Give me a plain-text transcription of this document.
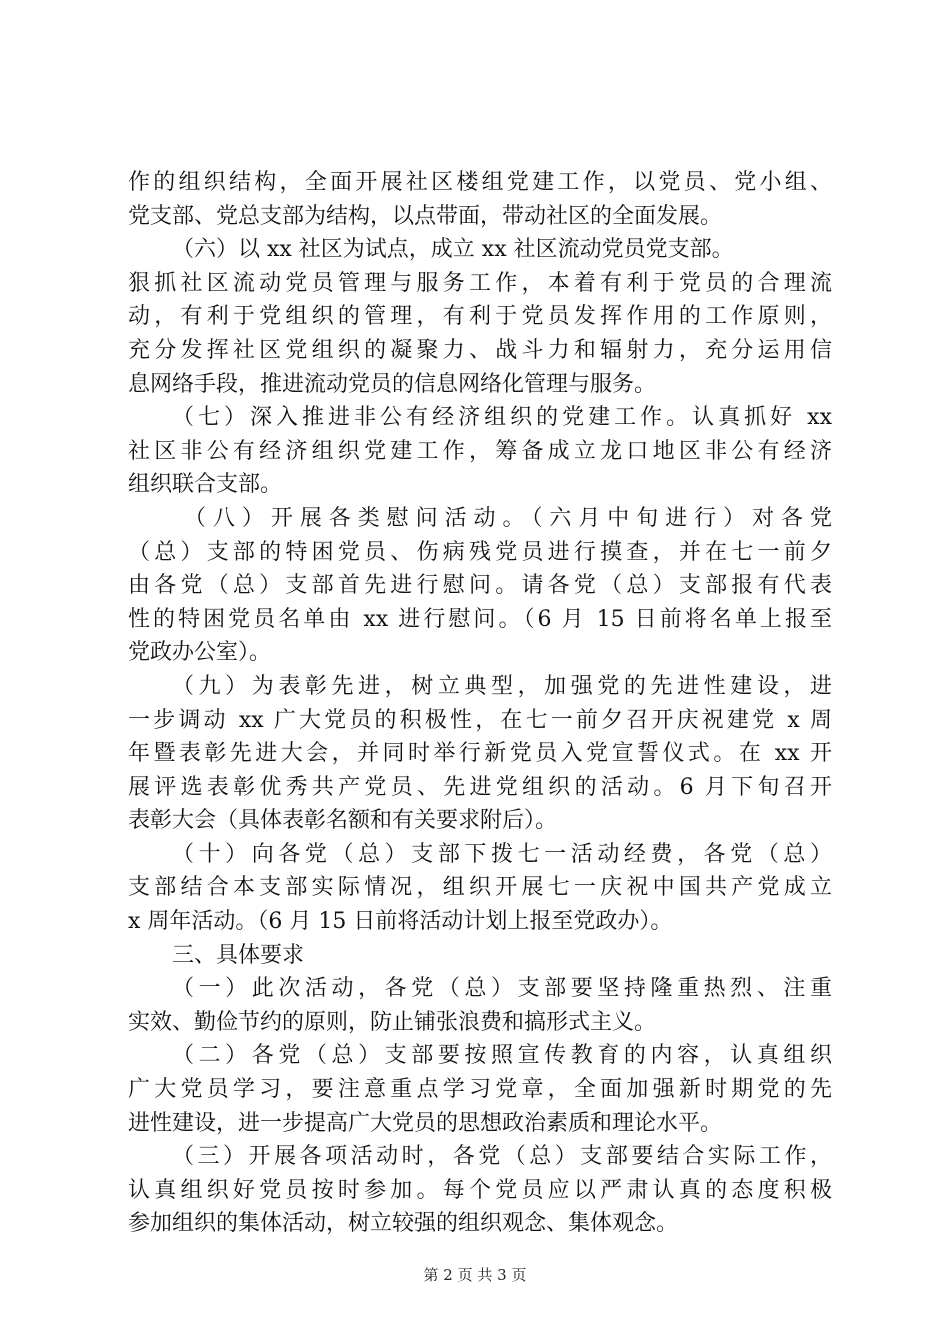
作的组织结构，全面开展社区楼组党建工作，以党员、党小组、
党支部、党总支部为结构，以点带面，带动社区的全面发展。
（六）以 xx 社区为试点，成立 xx 社区流动党员党支部。
狠抓社区流动党员管理与服务工作，本着有利于党员的合理流
动，有利于党组织的管理，有利于党员发挥作用的工作原则，
充分发挥社区党组织的凝聚力、战斗力和辐射力，充分运用信
息网络手段，推进流动党员的信息网络化管理与服务。
（七）深入推进非公有经济组织的党建工作。认真抓好 xx
社区非公有经济组织党建工作，筹备成立龙口地区非公有经济
组织联合支部。
（八）开展各类慰问活动。（六月中旬进行）对各党
（总）支部的特困党员、伤病残党员进行摸查，并在七一前夕
由各党（总）支部首先进行慰问。请各党（总）支部报有代表
性的特困党员名单由 xx 进行慰问。（6 月 15 日前将名单上报至
党政办公室）。
（九）为表彰先进，树立典型，加强党的先进性建设，进
一步调动 xx 广大党员的积极性，在七一前夕召开庆祝建党 x 周
年暨表彰先进大会，并同时举行新党员入党宣誓仪式。在 xx 开
展评选表彰优秀共产党员、先进党组织的活动。6 月下旬召开
表彰大会（具体表彰名额和有关要求附后）。
（十）向各党（总）支部下拨七一活动经费，各党（总）
支部结合本支部实际情况，组织开展七一庆祝中国共产党成立
x 周年活动。（6 月 15 日前将活动计划上报至党政办）。
三、具体要求
（一）此次活动，各党（总）支部要坚持隆重热烈、注重
实效、勤俭节约的原则，防止铺张浪费和搞形式主义。
（二）各党（总）支部要按照宣传教育的内容，认真组织
广大党员学习，要注意重点学习党章，全面加强新时期党的先
进性建设，进一步提高广大党员的思想政治素质和理论水平。
（三）开展各项活动时，各党（总）支部要结合实际工作，
认真组织好党员按时参加。每个党员应以严肃认真的态度积极
参加组织的集体活动，树立较强的组织观念、集体观念。
第 2 页 共 3 页
